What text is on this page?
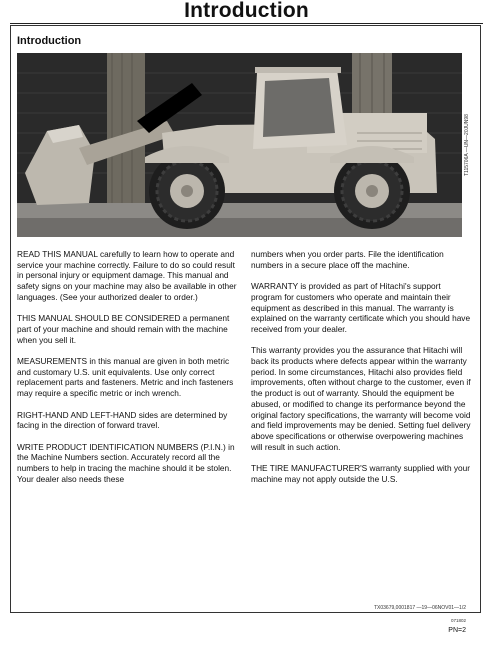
Introduction
Introduction
T115706A —UN—20JUN98

READ THIS MANUAL carefully to learn how to operate and service your machine correctly. Failure to do so could result in personal injury or equipment damage. This manual and safety signs on your machine may also be available in other languages. (See your authorized dealer to order.)

THIS MANUAL SHOULD BE CONSIDERED a permanent part of your machine and should remain with the machine when you sell it.

MEASUREMENTS in this manual are given in both metric and customary U.S. unit equivalents. Use only correct replacement parts and fasteners. Metric and inch fasteners may require a specific metric or inch wrench.

RIGHT-HAND AND LEFT-HAND sides are determined by facing in the direction of forward travel.

WRITE PRODUCT IDENTIFICATION NUMBERS (P.I.N.) in the Machine Numbers section. Accurately record all the numbers to help in tracing the machine should it be stolen. Your dealer also needs these

numbers when you order parts. File the identification numbers in a secure place off the machine.

WARRANTY is provided as part of Hitachi's support program for customers who operate and maintain their equipment as described in this manual. The warranty is explained on the warranty certificate which you should have received from your dealer.

This warranty provides you the assurance that Hitachi will back its products where defects appear within the warranty period. In some circumstances, Hitachi also provides field improvements, often without charge to the customer, even if the product is out of warranty. Should the equipment be abused, or modified to change its performance beyond the original factory specifications, the warranty will become void and field improvements may be denied. Setting fuel delivery above specifications or otherwise overpowering machines will result in such action.

THE TIRE MANUFACTURER'S warranty supplied with your machine may not apply outside the U.S.

TX03679,0001817 —19—06NOV01—1/2
071802
PN=2
